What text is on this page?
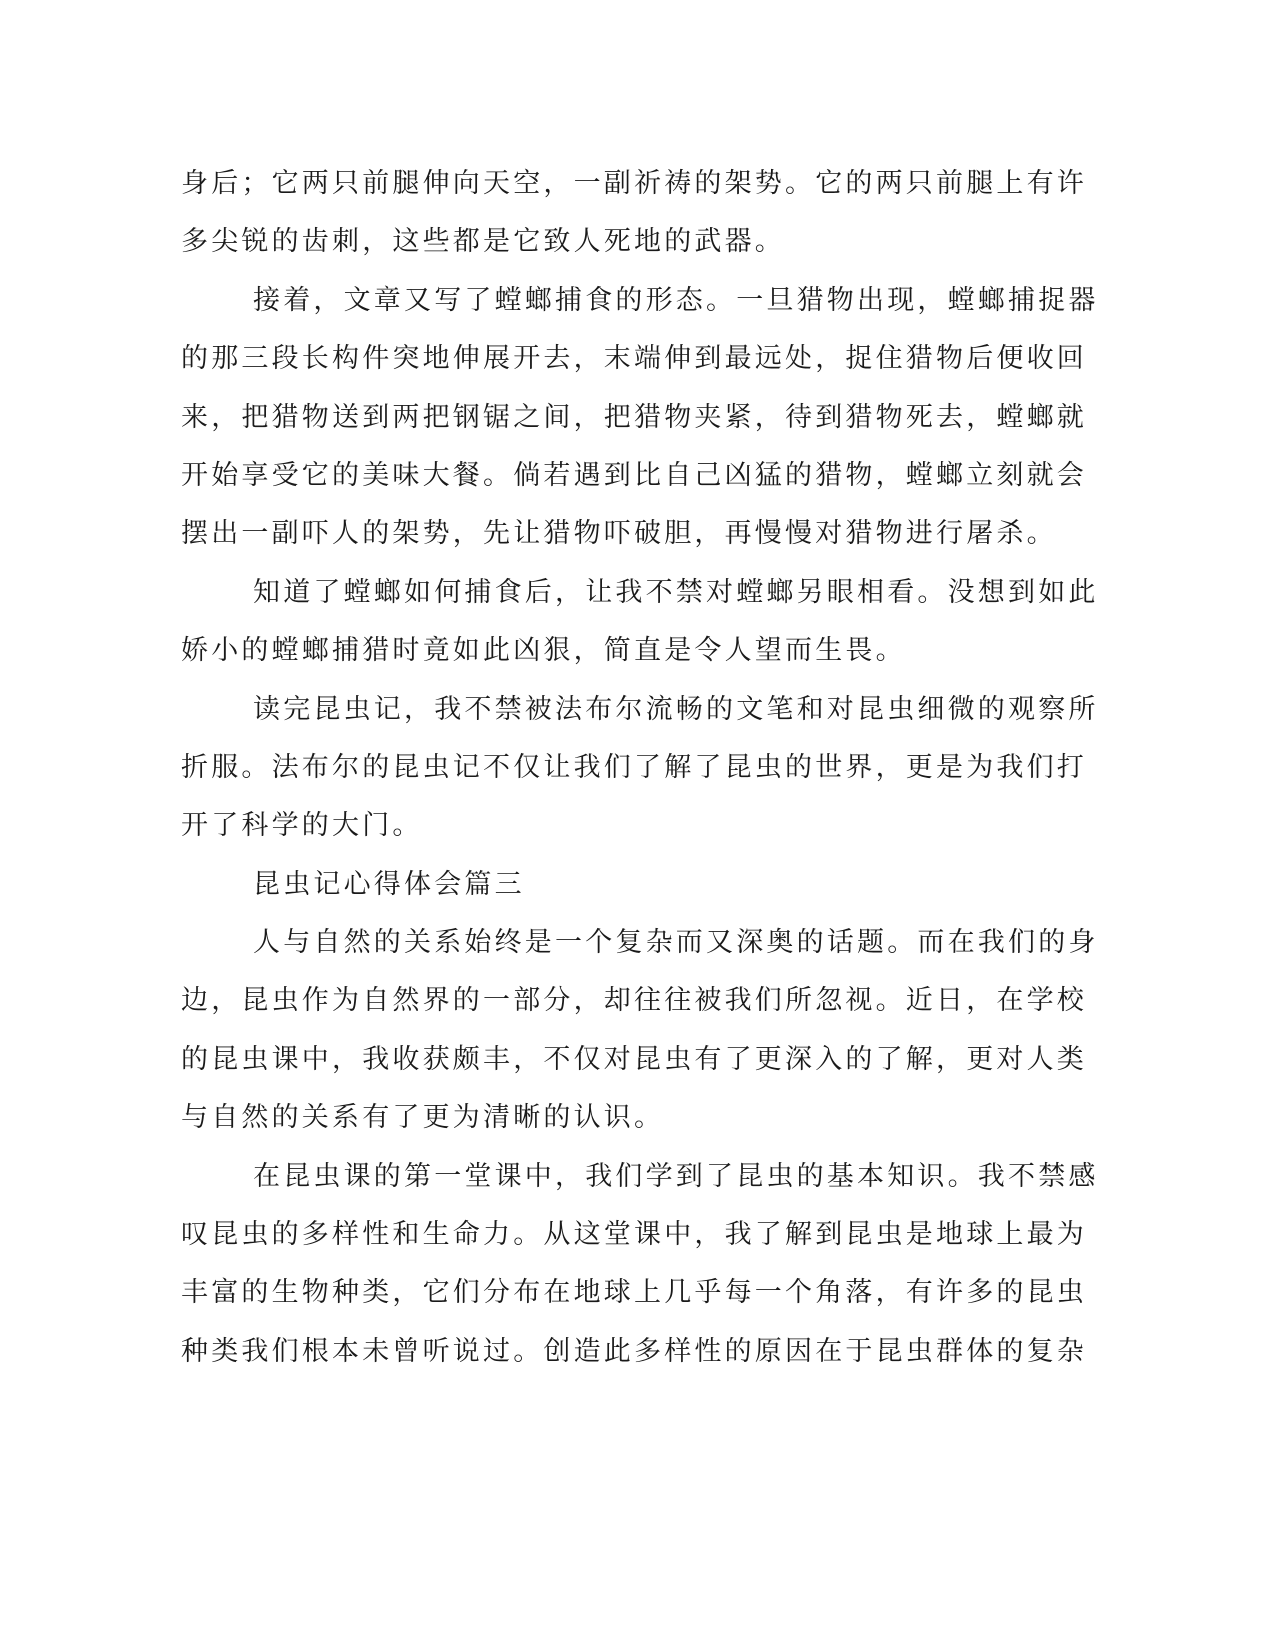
身后；它两只前腿伸向天空，一副祈祷的架势。它的两只前腿上有许
多尖锐的齿刺，这些都是它致人死地的武器。
接着，文章又写了螳螂捕食的形态。一旦猎物出现，螳螂捕捉器
的那三段长构件突地伸展开去，末端伸到最远处，捉住猎物后便收回
来，把猎物送到两把钢锯之间，把猎物夹紧，待到猎物死去，螳螂就
开始享受它的美味大餐。倘若遇到比自己凶猛的猎物，螳螂立刻就会
摆出一副吓人的架势，先让猎物吓破胆，再慢慢对猎物进行屠杀。
知道了螳螂如何捕食后，让我不禁对螳螂另眼相看。没想到如此
娇小的螳螂捕猎时竟如此凶狠，简直是令人望而生畏。
读完昆虫记，我不禁被法布尔流畅的文笔和对昆虫细微的观察所
折服。法布尔的昆虫记不仅让我们了解了昆虫的世界，更是为我们打
开了科学的大门。
昆虫记心得体会篇三
人与自然的关系始终是一个复杂而又深奥的话题。而在我们的身
边，昆虫作为自然界的一部分，却往往被我们所忽视。近日，在学校
的昆虫课中，我收获颇丰，不仅对昆虫有了更深入的了解，更对人类
与自然的关系有了更为清晰的认识。
在昆虫课的第一堂课中，我们学到了昆虫的基本知识。我不禁感
叹昆虫的多样性和生命力。从这堂课中，我了解到昆虫是地球上最为
丰富的生物种类，它们分布在地球上几乎每一个角落，有许多的昆虫
种类我们根本未曾听说过。创造此多样性的原因在于昆虫群体的复杂
